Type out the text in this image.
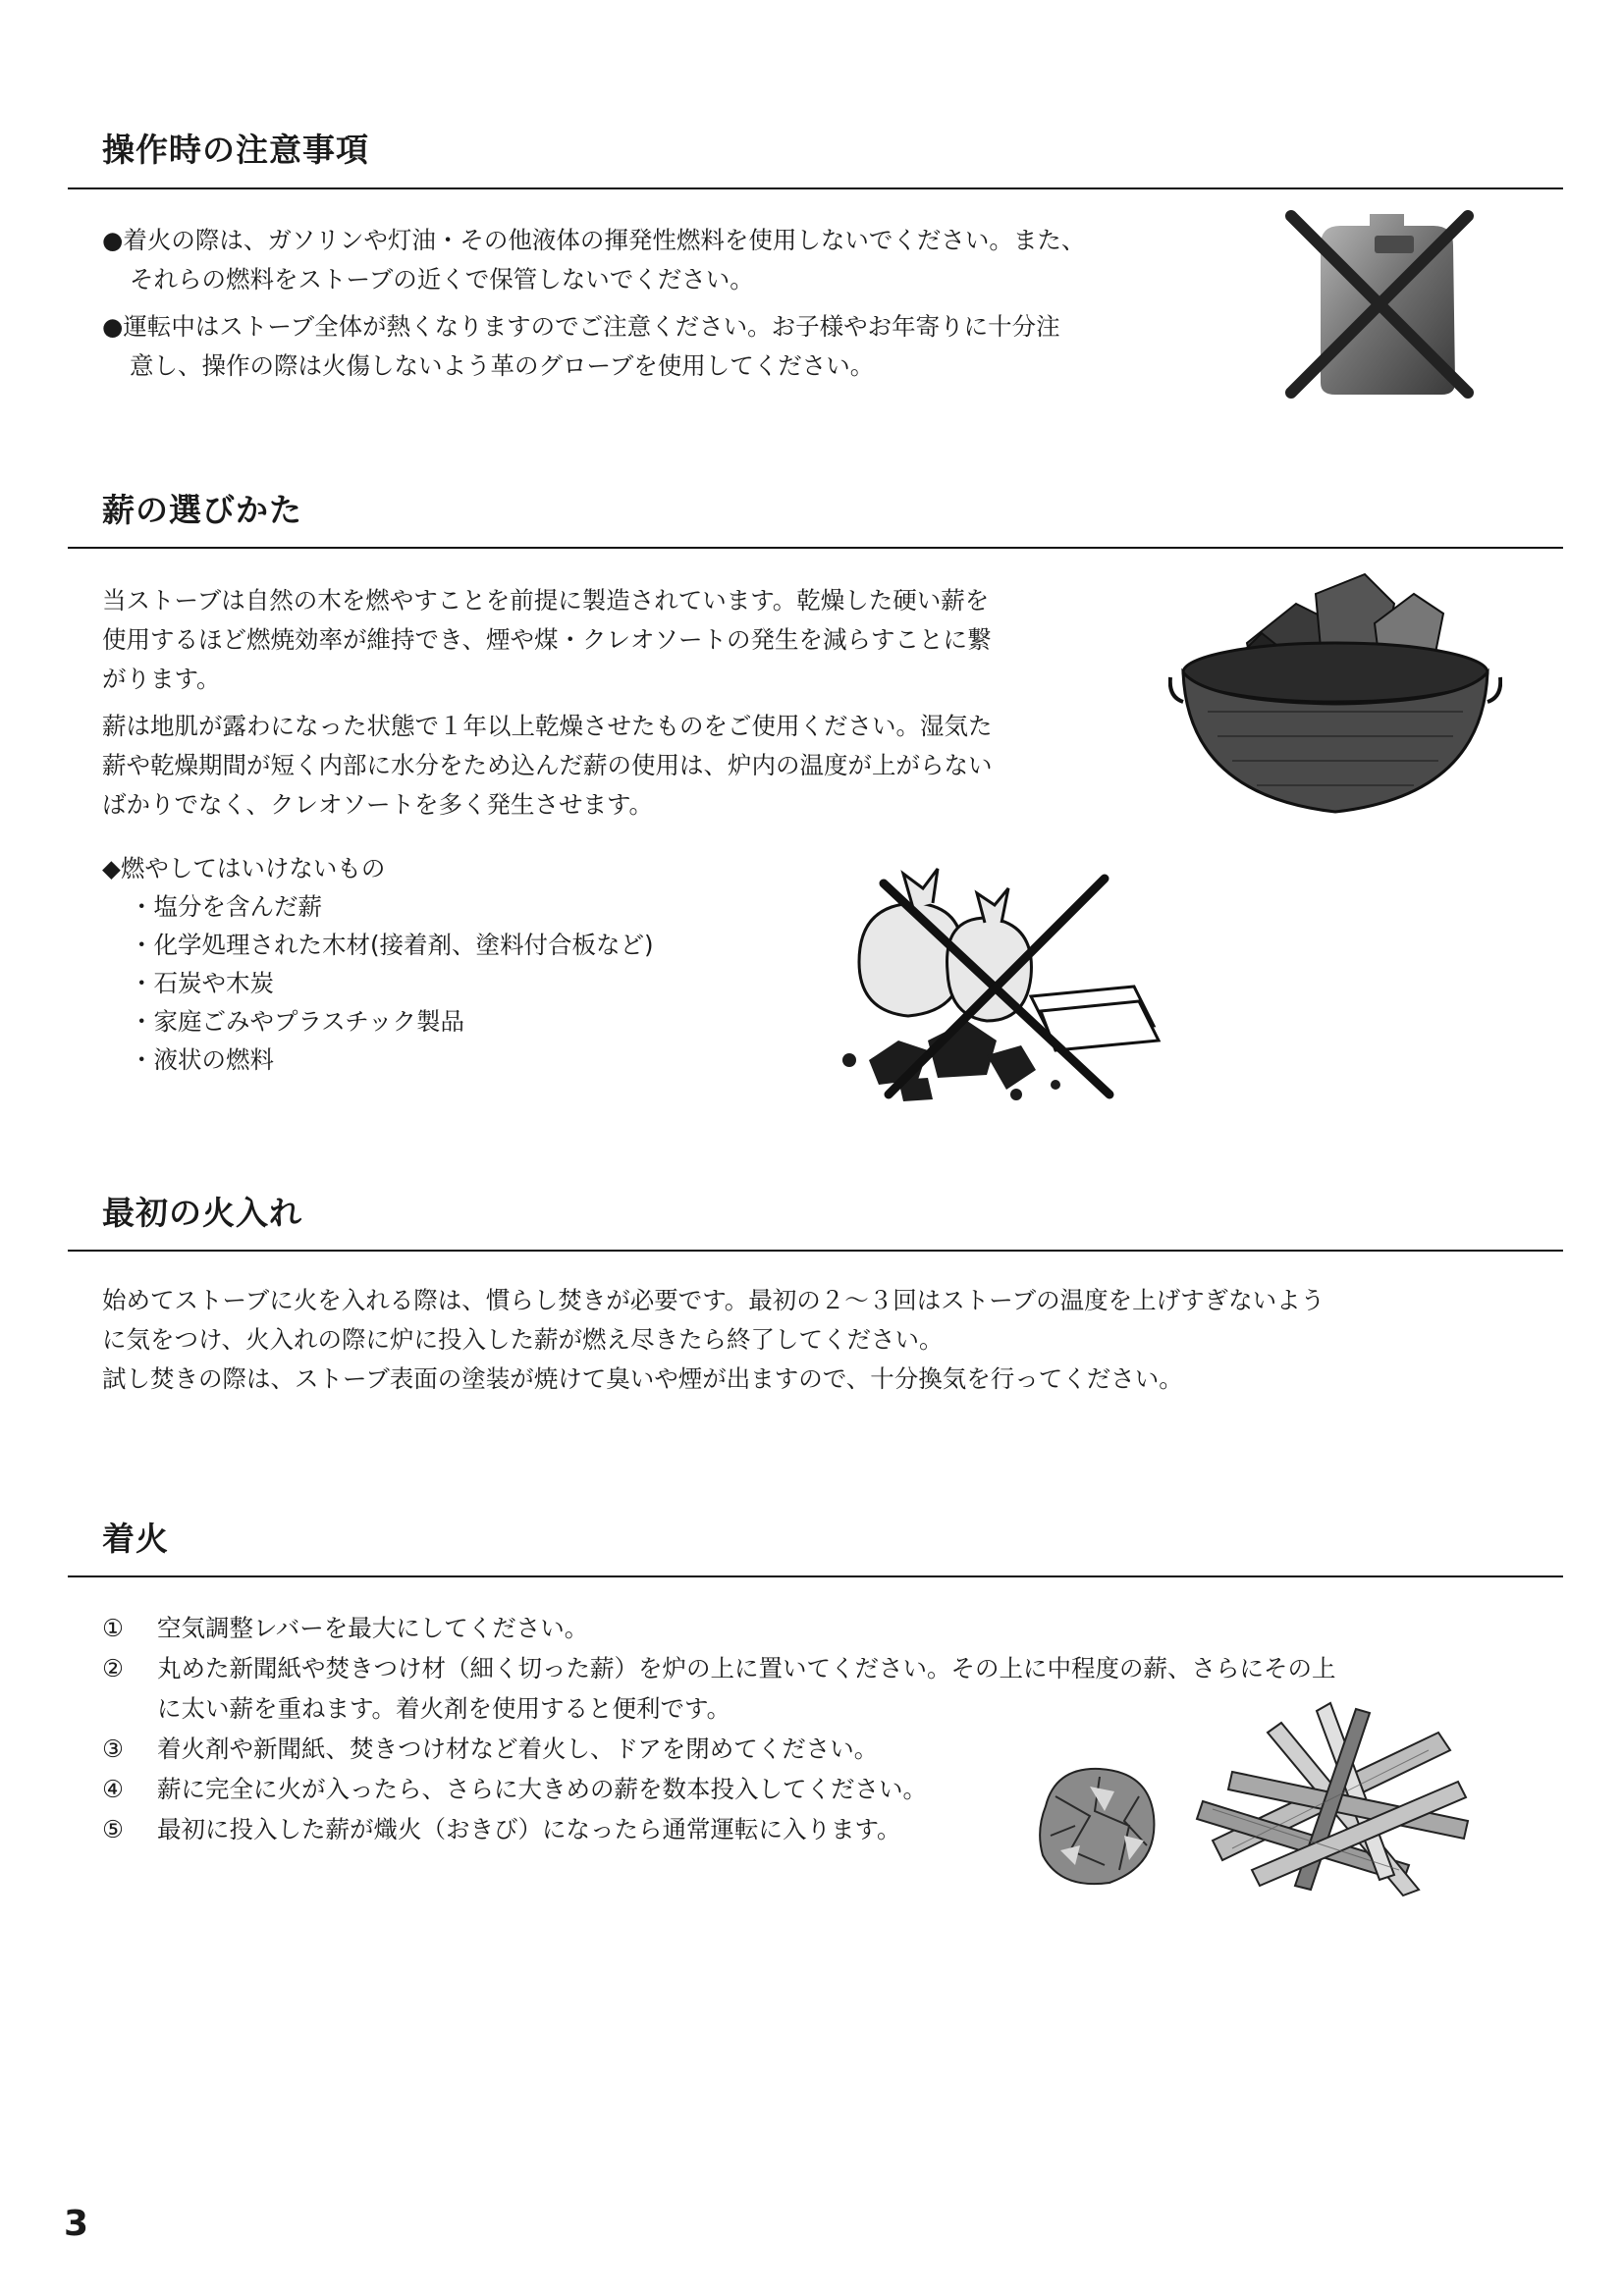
操作時の注意事項

●着火の際は、ガソリンや灯油・その他液体の揮発性燃料を使用しないでください。また、

それらの燃料をストーブの近くで保管しないでください。

●運転中はストーブ全体が熱くなりますのでご注意ください。お子様やお年寄りに十分注

意し、操作の際は火傷しないよう革のグローブを使用してください。

薪の選びかた

当ストーブは自然の木を燃やすことを前提に製造されています。乾燥した硬い薪を

使用するほど燃焼効率が維持でき、煙や煤・クレオソートの発生を減らすことに繋

がります。

薪は地肌が露わになった状態で１年以上乾燥させたものをご使用ください。湿気た

薪や乾燥期間が短く内部に水分をため込んだ薪の使用は、炉内の温度が上がらない

ばかりでなく、クレオソートを多く発生させます。

◆燃やしてはいけないもの

・塩分を含んだ薪

・化学処理された木材(接着剤、塗料付合板など)

・石炭や木炭

・家庭ごみやプラスチック製品

・液状の燃料

最初の火入れ

始めてストーブに火を入れる際は、慣らし焚きが必要です。最初の２～３回はストーブの温度を上げすぎないよう

に気をつけ、火入れの際に炉に投入した薪が燃え尽きたら終了してください。

試し焚きの際は、ストーブ表面の塗装が焼けて臭いや煙が出ますので、十分換気を行ってください。

着火

① 空気調整レバーを最大にしてください。

② 丸めた新聞紙や焚きつけ材（細く切った薪）を炉の上に置いてください。その上に中程度の薪、さらにその上

に太い薪を重ねます。着火剤を使用すると便利です。

③ 着火剤や新聞紙、焚きつけ材など着火し、ドアを閉めてください。

④ 薪に完全に火が入ったら、さらに大きめの薪を数本投入してください。

⑤ 最初に投入した薪が熾火（おきび）になったら通常運転に入ります。

3
